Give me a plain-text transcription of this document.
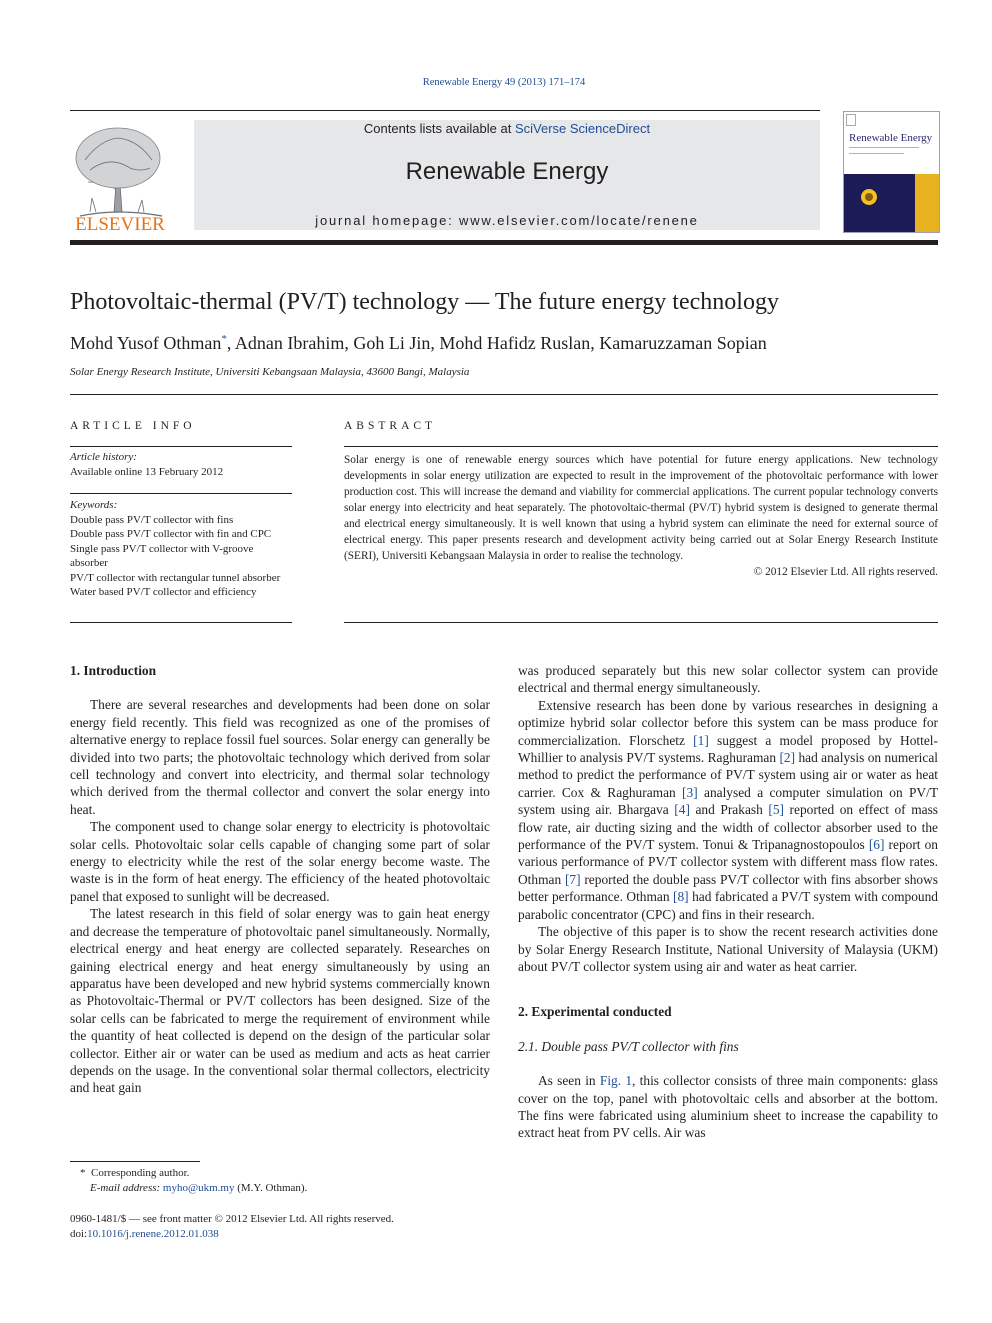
Renewable Energy 49 (2013) 171–174
ELSEVIER
Contents lists available at SciVerse ScienceDirect
Renewable Energy
journal homepage: www.elsevier.com/locate/renene
Renewable Energy
Photovoltaic-thermal (PV/T) technology — The future energy technology
Mohd Yusof Othman*, Adnan Ibrahim, Goh Li Jin, Mohd Hafidz Ruslan, Kamaruzzaman Sopian
Solar Energy Research Institute, Universiti Kebangsaan Malaysia, 43600 Bangi, Malaysia
ARTICLE INFO
Article history:
Available online 13 February 2012
Keywords:
Double pass PV/T collector with fins
Double pass PV/T collector with fin and CPC
Single pass PV/T collector with V-groove absorber
PV/T collector with rectangular tunnel absorber
Water based PV/T collector and efficiency
ABSTRACT
Solar energy is one of renewable energy sources which have potential for future energy applications. New technology developments in solar energy utilization are expected to result in the improvement of the photovoltaic performance with lower production cost. This will increase the demand and viability for commercial applications. The current popular technology converts solar energy into electricity and heat separately. The photovoltaic-thermal (PV/T) hybrid system is designed to generate thermal and electrical energy simultaneously. It is well known that using a hybrid system can eliminate the need for external source of electrical energy. This paper presents research and development activity being carried out at Solar Energy Research Institute (SERI), Universiti Kebangsaan Malaysia in order to realise the technology.
© 2012 Elsevier Ltd. All rights reserved.
1. Introduction

There are several researches and developments had been done on solar energy field recently. This field was recognized as one of the promises of alternative energy to replace fossil fuel sources. Solar energy can generally be divided into two parts; the photovoltaic technology which derived from solar cell technology and convert into electricity, and thermal solar technology which derived from the thermal collector and convert the solar energy into heat.

The component used to change solar energy to electricity is photovoltaic solar cells. Photovoltaic solar cells capable of changing some part of solar energy to electricity while the rest of the solar energy become waste. The waste is in the form of heat energy. The efficiency of the heated photovoltaic panel that exposed to sunlight will be decreased.

The latest research in this field of solar energy was to gain heat energy and decrease the temperature of photovoltaic panel simultaneously. Normally, electrical energy and heat energy are collected separately. Researches on gaining electrical energy and heat energy simultaneously by using an apparatus have been developed and new hybrid systems commercially known as Photovoltaic-Thermal or PV/T collectors has been designed. Size of the solar cells can be fabricated to merge the requirement of environment while the quantity of heat collected is depend on the design of the particular solar collector. Either air or water can be used as medium and acts as heat carrier depends on the usage. In the conventional solar thermal collectors, electricity and heat gain

was produced separately but this new solar collector system can provide electrical and thermal energy simultaneously.

Extensive research has been done by various researches in designing a optimize hybrid solar collector before this system can be mass produce for commercialization. Florschetz [1] suggest a model proposed by Hottel-Whillier to analysis PV/T systems. Raghuraman [2] had analysis on numerical method to predict the performance of PV/T system using air or water as heat carrier. Cox & Raghuraman [3] analysed a computer simulation on PV/T system using air. Bhargava [4] and Prakash [5] reported on effect of mass flow rate, air ducting sizing and the width of collector absorber used to the performance of the PV/T system. Tonui & Tripanagnostopoulos [6] report on various performance of PV/T collector system with different mass flow rates. Othman [7] reported the double pass PV/T collector with fins absorber shows better performance. Othman [8] had fabricated a PV/T system with compound parabolic concentrator (CPC) and fins in their research.

The objective of this paper is to show the recent research activities done by Solar Energy Research Institute, National University of Malaysia (UKM) about PV/T collector system using air and water as heat carrier.

2. Experimental conducted
2.1. Double pass PV/T collector with fins

As seen in Fig. 1, this collector consists of three main components: glass cover on the top, panel with photovoltaic cells and absorber at the bottom. The fins were fabricated using aluminium sheet to increase the capability to extract heat from PV cells. Air was

* Corresponding author.
E-mail address: myho@ukm.my (M.Y. Othman).
0960-1481/$ — see front matter © 2012 Elsevier Ltd. All rights reserved.
doi:10.1016/j.renene.2012.01.038
